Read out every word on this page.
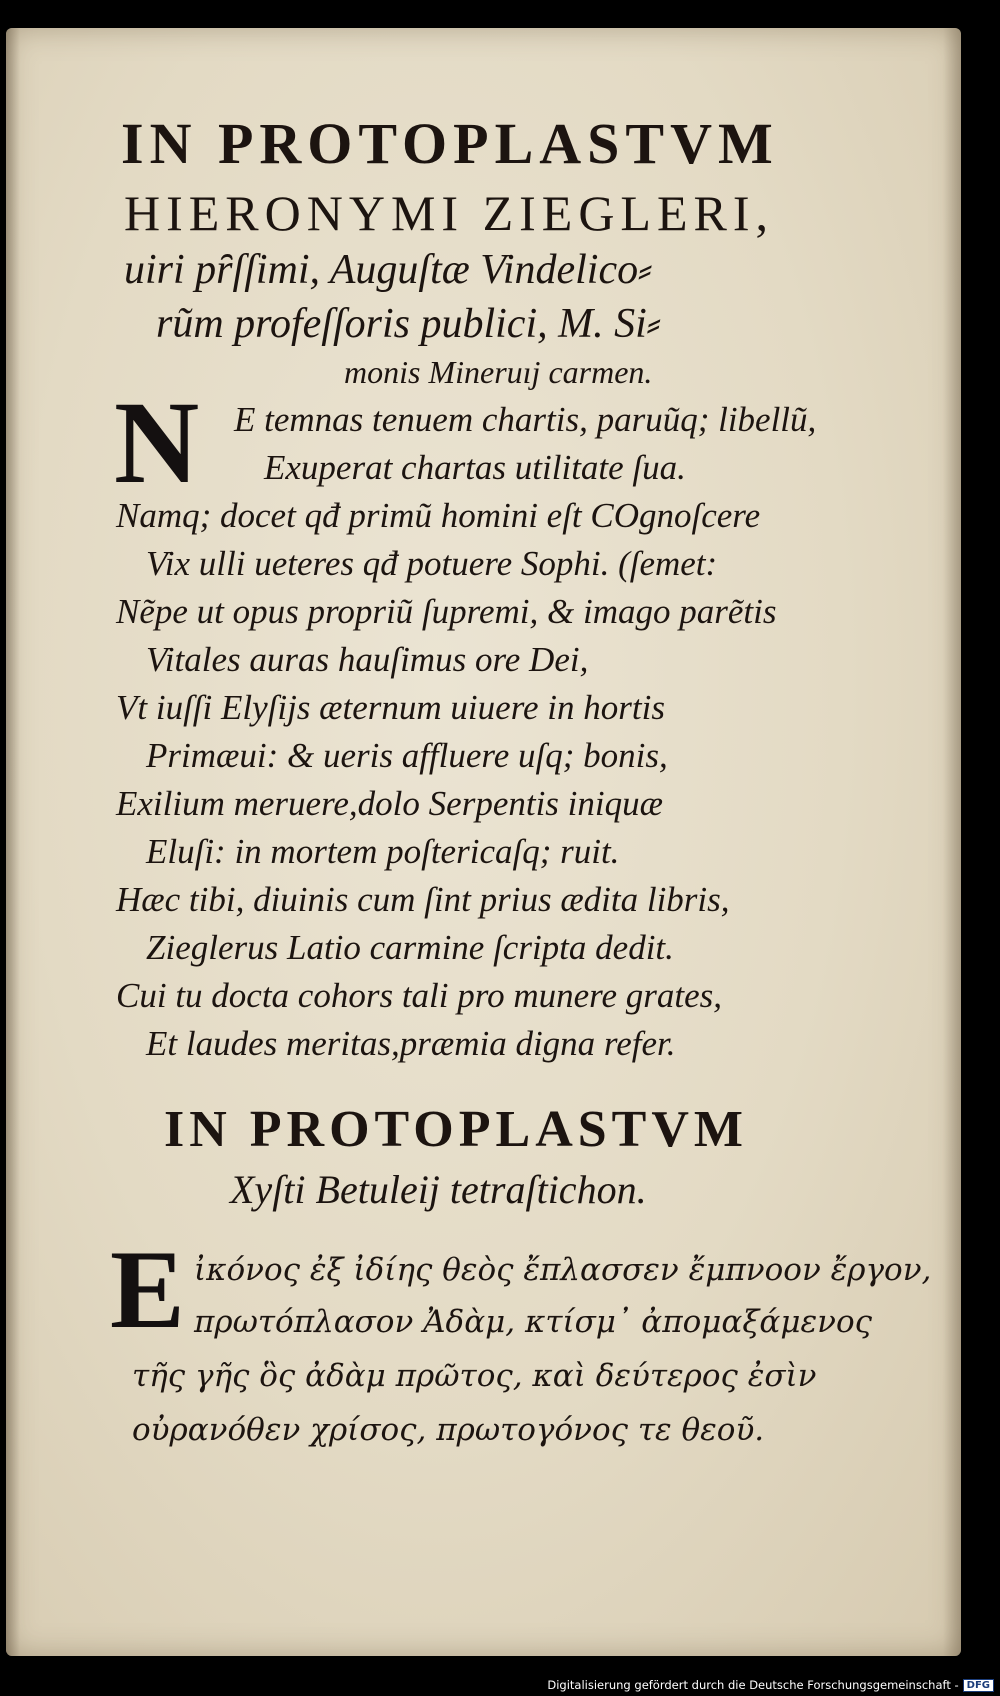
IN PROTOPLASTVM
HIERONYMI ZIEGLERI,
uiri pȓſſimi, Auguſtæ Vindelico⸗
rũm profeſſoris publici, M. Si⸗
monis Mineruıj carmen.
N E temnas tenuem chartis, paruũq; libellũ,
Exuperat chartas utilitate ſua.
Namq; docet qđ primũ homini eſt COgnoſcere
Vix ulli ueteres qđ potuere Sophi. (ſemet:
Nẽpe ut opus propriũ ſupremi, & imago parẽtis
Vitales auras hauſimus ore Dei,
Vt iuſſi Elyſijs æternum uiuere in hortis
Primæui: & ueris affluere uſq; bonis,
Exilium meruere,dolo Serpentis iniquæ
Eluſi: in mortem poſtericaſq; ruit.
Hæc tibi, diuinis cum ſint prius ædita libris,
Zieglerus Latio carmine ſcripta dedit.
Cui tu docta cohors tali pro munere grates,
Et laudes meritas,præmia digna refer.
IN PROTOPLASTVM
Xyſti Betuleij tetraſtichon.
E ἰκόνος ἐξ ἰδίης θεὸς ἔπλασσεν ἔμπνοον ἔργον,
πρωτόπλασον Ἀδὰμ, κτίσμ᾽ ἀπομαξάμενος
τῆς γῆς ὃς ἀδὰμ πρῶτος, καὶ δεύτερος ἐσὶν
οὐρανόθεν χρίσος, πρωτογόνος τε θεοῦ.
Digitalisierung gefördert durch die Deutsche Forschungsgemeinschaft - DFG
